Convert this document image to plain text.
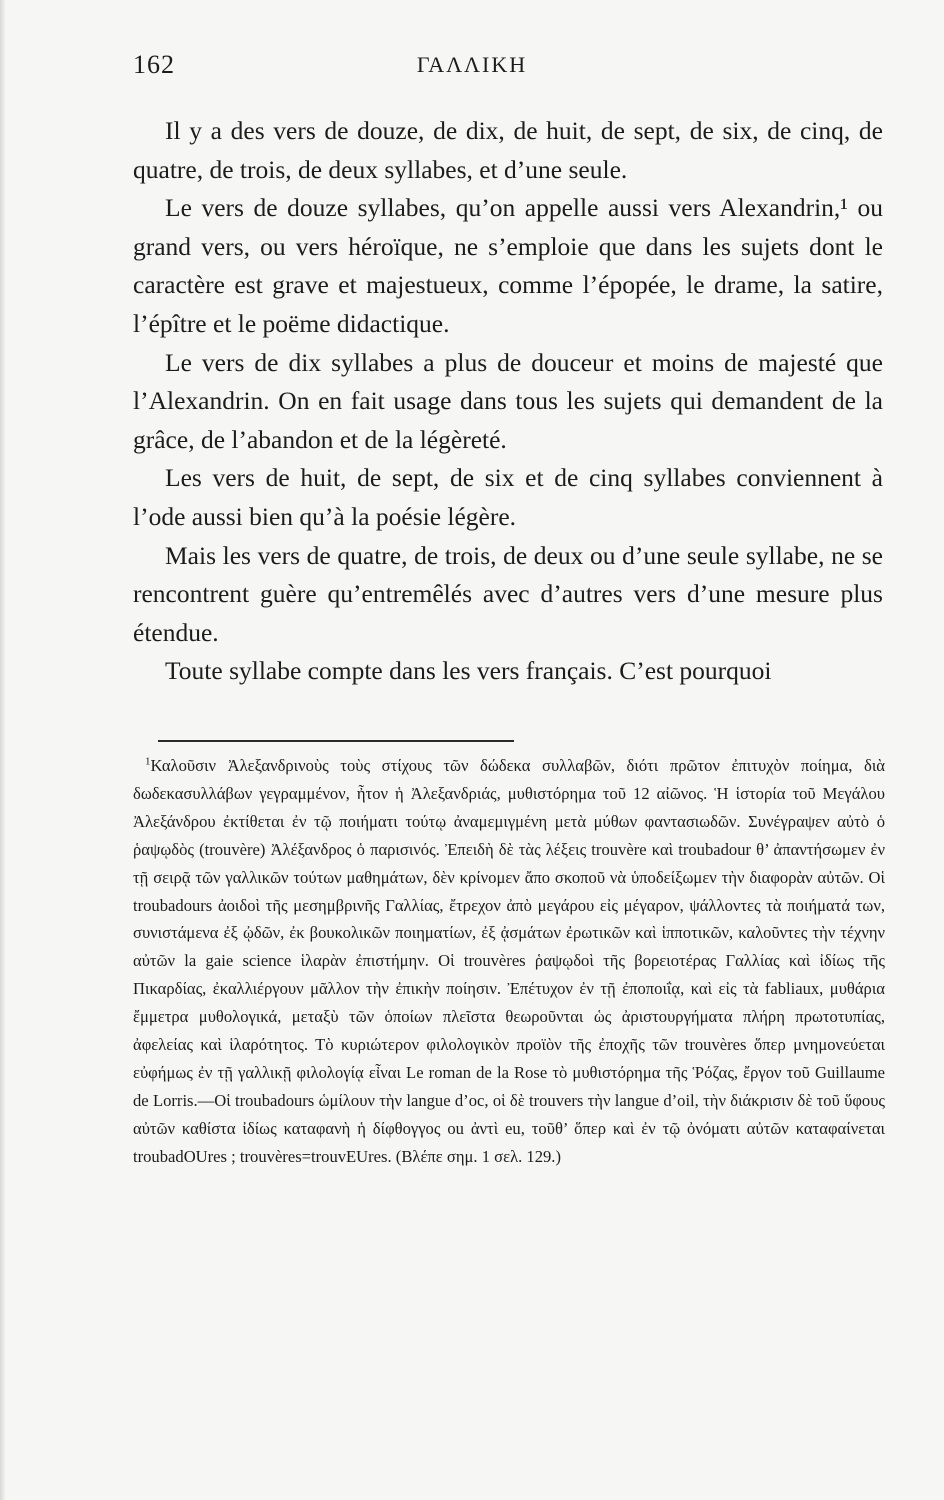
162	ΓΑΛΛΙΚΗ

Il y a des vers de douze, de dix, de huit, de sept, de six, de cinq, de quatre, de trois, de deux syllabes, et d’une seule.

Le vers de douze syllabes, qu’on appelle aussi vers Alexandrin,¹ ou grand vers, ou vers héroïque, ne s’emploie que dans les sujets dont le caractère est grave et majestueux, comme l’épopée, le drame, la satire, l’épître et le poëme didactique.

Le vers de dix syllabes a plus de douceur et moins de majesté que l’Alexandrin. On en fait usage dans tous les sujets qui demandent de la grâce, de l’abandon et de la légèreté.

Les vers de huit, de sept, de six et de cinq syllabes conviennent à l’ode aussi bien qu’à la poésie légère.

Mais les vers de quatre, de trois, de deux ou d’une seule syllabe, ne se rencontrent guère qu’entremêlés avec d’autres vers d’une mesure plus étendue.

Toute syllabe compte dans les vers français. C’est pourquoi

$^1$Καλοῦσιν Ἀλεξανδρινοὺς τοὺς στίχους τῶν δώδεκα συλλαβῶν, διότι πρῶτον ἐπιτυχὸν ποίημα, διὰ δωδεκασυλλάβων γεγραμμένον, ἦτον ἡ Ἀλεξανδριάς, μυθιστόρημα τοῦ 12 αἰῶνος. Ἡ ἱστορία τοῦ Μεγάλου Ἀλεξάνδρου ἐκτίθεται ἐν τῷ ποιήματι τούτῳ ἀναμεμιγμένη μετὰ μύθων φαντασιωδῶν. Συνέγραψεν αὐτὸ ὁ ῥαψῳδὸς (trouvère) Ἀλέξανδρος ὁ παρισινός. Ἐπειδὴ δὲ τὰς λέξεις trouvère καὶ troubadour θ’ ἀπαντήσωμεν ἐν τῇ σειρᾷ τῶν γαλλικῶν τούτων μαθημάτων, δὲν κρίνομεν ἄπο σκοποῦ νὰ ὑποδείξωμεν τὴν διαφορὰν αὐτῶν. Οἱ troubadours ἀοιδοὶ τῆς μεσημβρινῆς Γαλλίας, ἔτρεχον ἀπὸ μεγάρου εἰς μέγαρον, ψάλλοντες τὰ ποιήματά των, συνιστάμενα ἐξ ᾠδῶν, ἐκ βουκολικῶν ποιηματίων, ἐξ ᾀσμάτων ἐρωτικῶν καὶ ἱπποτικῶν, καλοῦντες τὴν τέχνην αὐτῶν la gaie science ἱλαρὰν ἐπιστήμην. Οἱ trouvères ῥαψῳδοὶ τῆς βορειοτέρας Γαλλίας καὶ ἰδίως τῆς Πικαρδίας, ἐκαλλιέργουν μᾶλλον τὴν ἐπικὴν ποίησιν. Ἐπέτυχον ἐν τῇ ἐποποιΐᾳ, καὶ εἰς τὰ fabliaux, μυθάρια ἔμμετρα μυθολογικά, μεταξὺ τῶν ὁποίων πλεῖστα θεωροῦνται ὡς ἀριστουργήματα πλήρη πρωτοτυπίας, ἀφελείας καὶ ἱλαρότητος. Τὸ κυριώτερον φιλολογικὸν προϊὸν τῆς ἐποχῆς τῶν trouvères ὅπερ μνημονεύεται εὐφήμως ἐν τῇ γαλλικῇ φιλολογίᾳ εἶναι Le roman de la Rose τὸ μυθιστόρημα τῆς Ῥόζας, ἔργον τοῦ Guillaume de Lorris.—Οἱ troubadours ὡμίλουν τὴν langue d’oc, οἱ δὲ trouvers τὴν langue d’oil, τὴν διάκρισιν δὲ τοῦ ὕφους αὐτῶν καθίστα ἰδίως καταφανὴ ἡ δίφθογγος ou ἀντὶ eu, τοῦθ’ ὅπερ καὶ ἐν τῷ ὀνόματι αὐτῶν καταφαίνεται troubadOUres ; trouvères=trouvEUres. (Βλέπε σημ. 1 σελ. 129.)
